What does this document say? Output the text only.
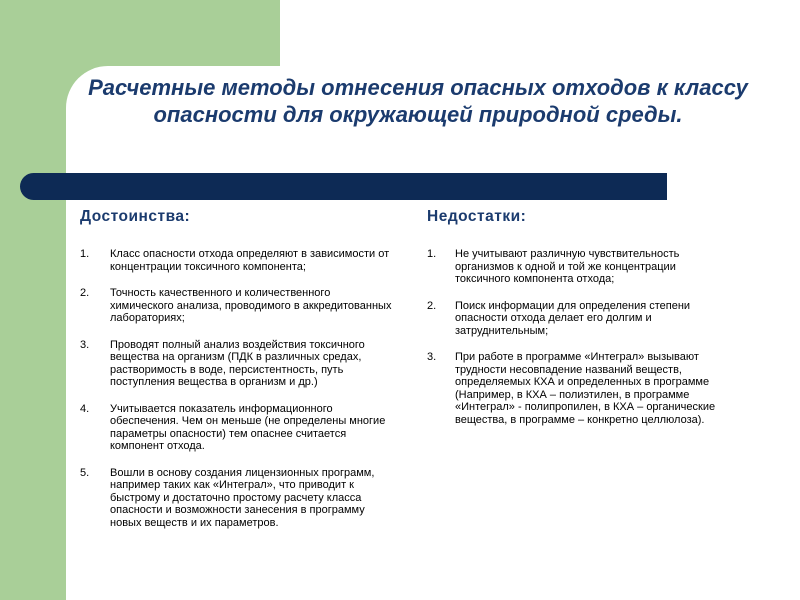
Расчетные методы отнесения опасных отходов к классу опасности для окружающей природной среды.
Достоинства:
1. Класс опасности отхода определяют в зависимости от концентрации токсичного компонента;
2. Точность качественного и количественного химического анализа, проводимого в аккредитованных лабораториях;
3. Проводят полный анализ воздействия токсичного вещества на организм (ПДК в различных средах, растворимость в воде, персистентность, путь поступления вещества в организм и др.)
4. Учитывается показатель информационного обеспечения. Чем он меньше (не определены многие параметры опасности) тем опаснее считается компонент отхода.
5. Вошли в основу создания лицензионных программ, например таких как «Интеграл», что приводит к быстрому и достаточно простому расчету класса опасности и возможности занесения в программу новых веществ и их параметров.
Недостатки:
1. Не учитывают различную чувствительность организмов к одной и той же концентрации токсичного компонента отхода;
2. Поиск информации для определения степени опасности отхода делает его долгим и затруднительным;
3. При работе в программе «Интеграл» вызывают трудности несовпадение названий веществ, определяемых КХА и определенных в программе (Например, в КХА – полиэтилен, в программе «Интеграл» - полипропилен, в КХА – органические вещества, в программе – конкретно целлюлоза).
